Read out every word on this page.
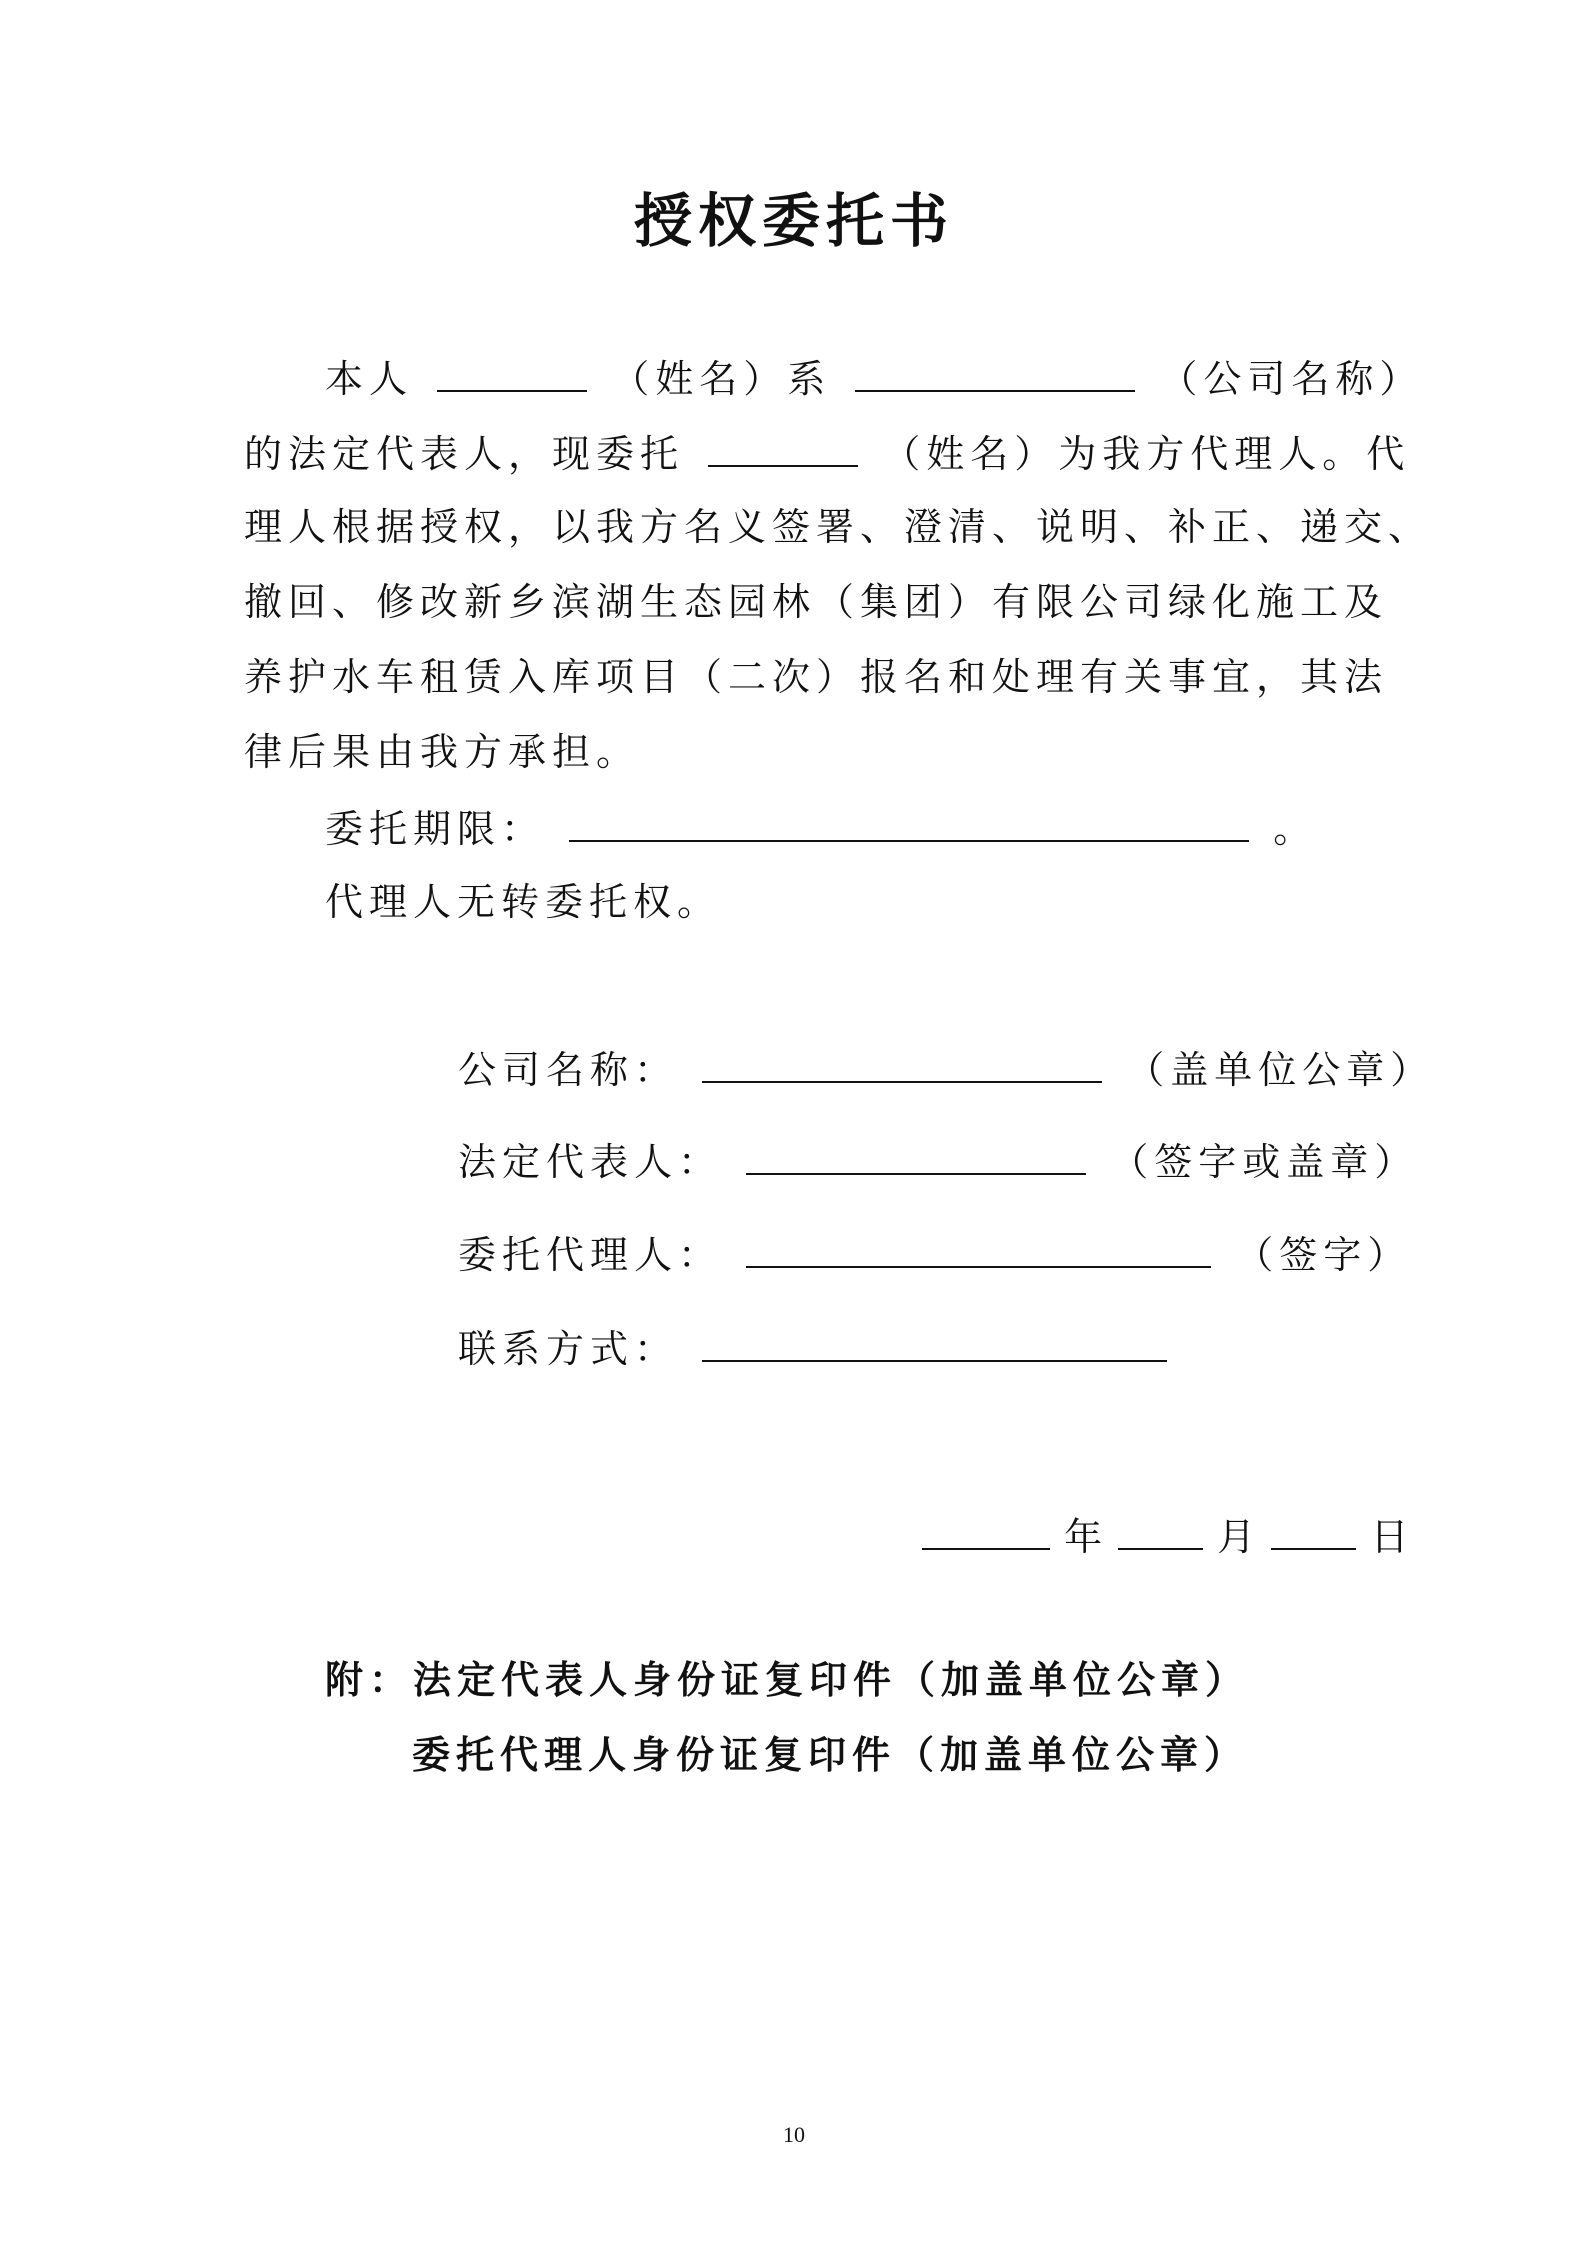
授权委托书
本人	（姓名）系	（公司名称）
的法定代表人，现委托	（姓名）为我方代理人。代
理人根据授权，以我方名义签署、澄清、说明、补正、递交、
撤回、修改新乡滨湖生态园林（集团）有限公司绿化施工及
养护水车租赁入库项目（二次）报名和处理有关事宜，其法
律后果由我方承担。
委托期限：	。
代理人无转委托权。
公司名称：	（盖单位公章）
法定代表人：	（签字或盖章）
委托代理人：	（签字）
联系方式：
年	月	日
附：法定代表人身份证复印件（加盖单位公章）
委托代理人身份证复印件（加盖单位公章）
10
